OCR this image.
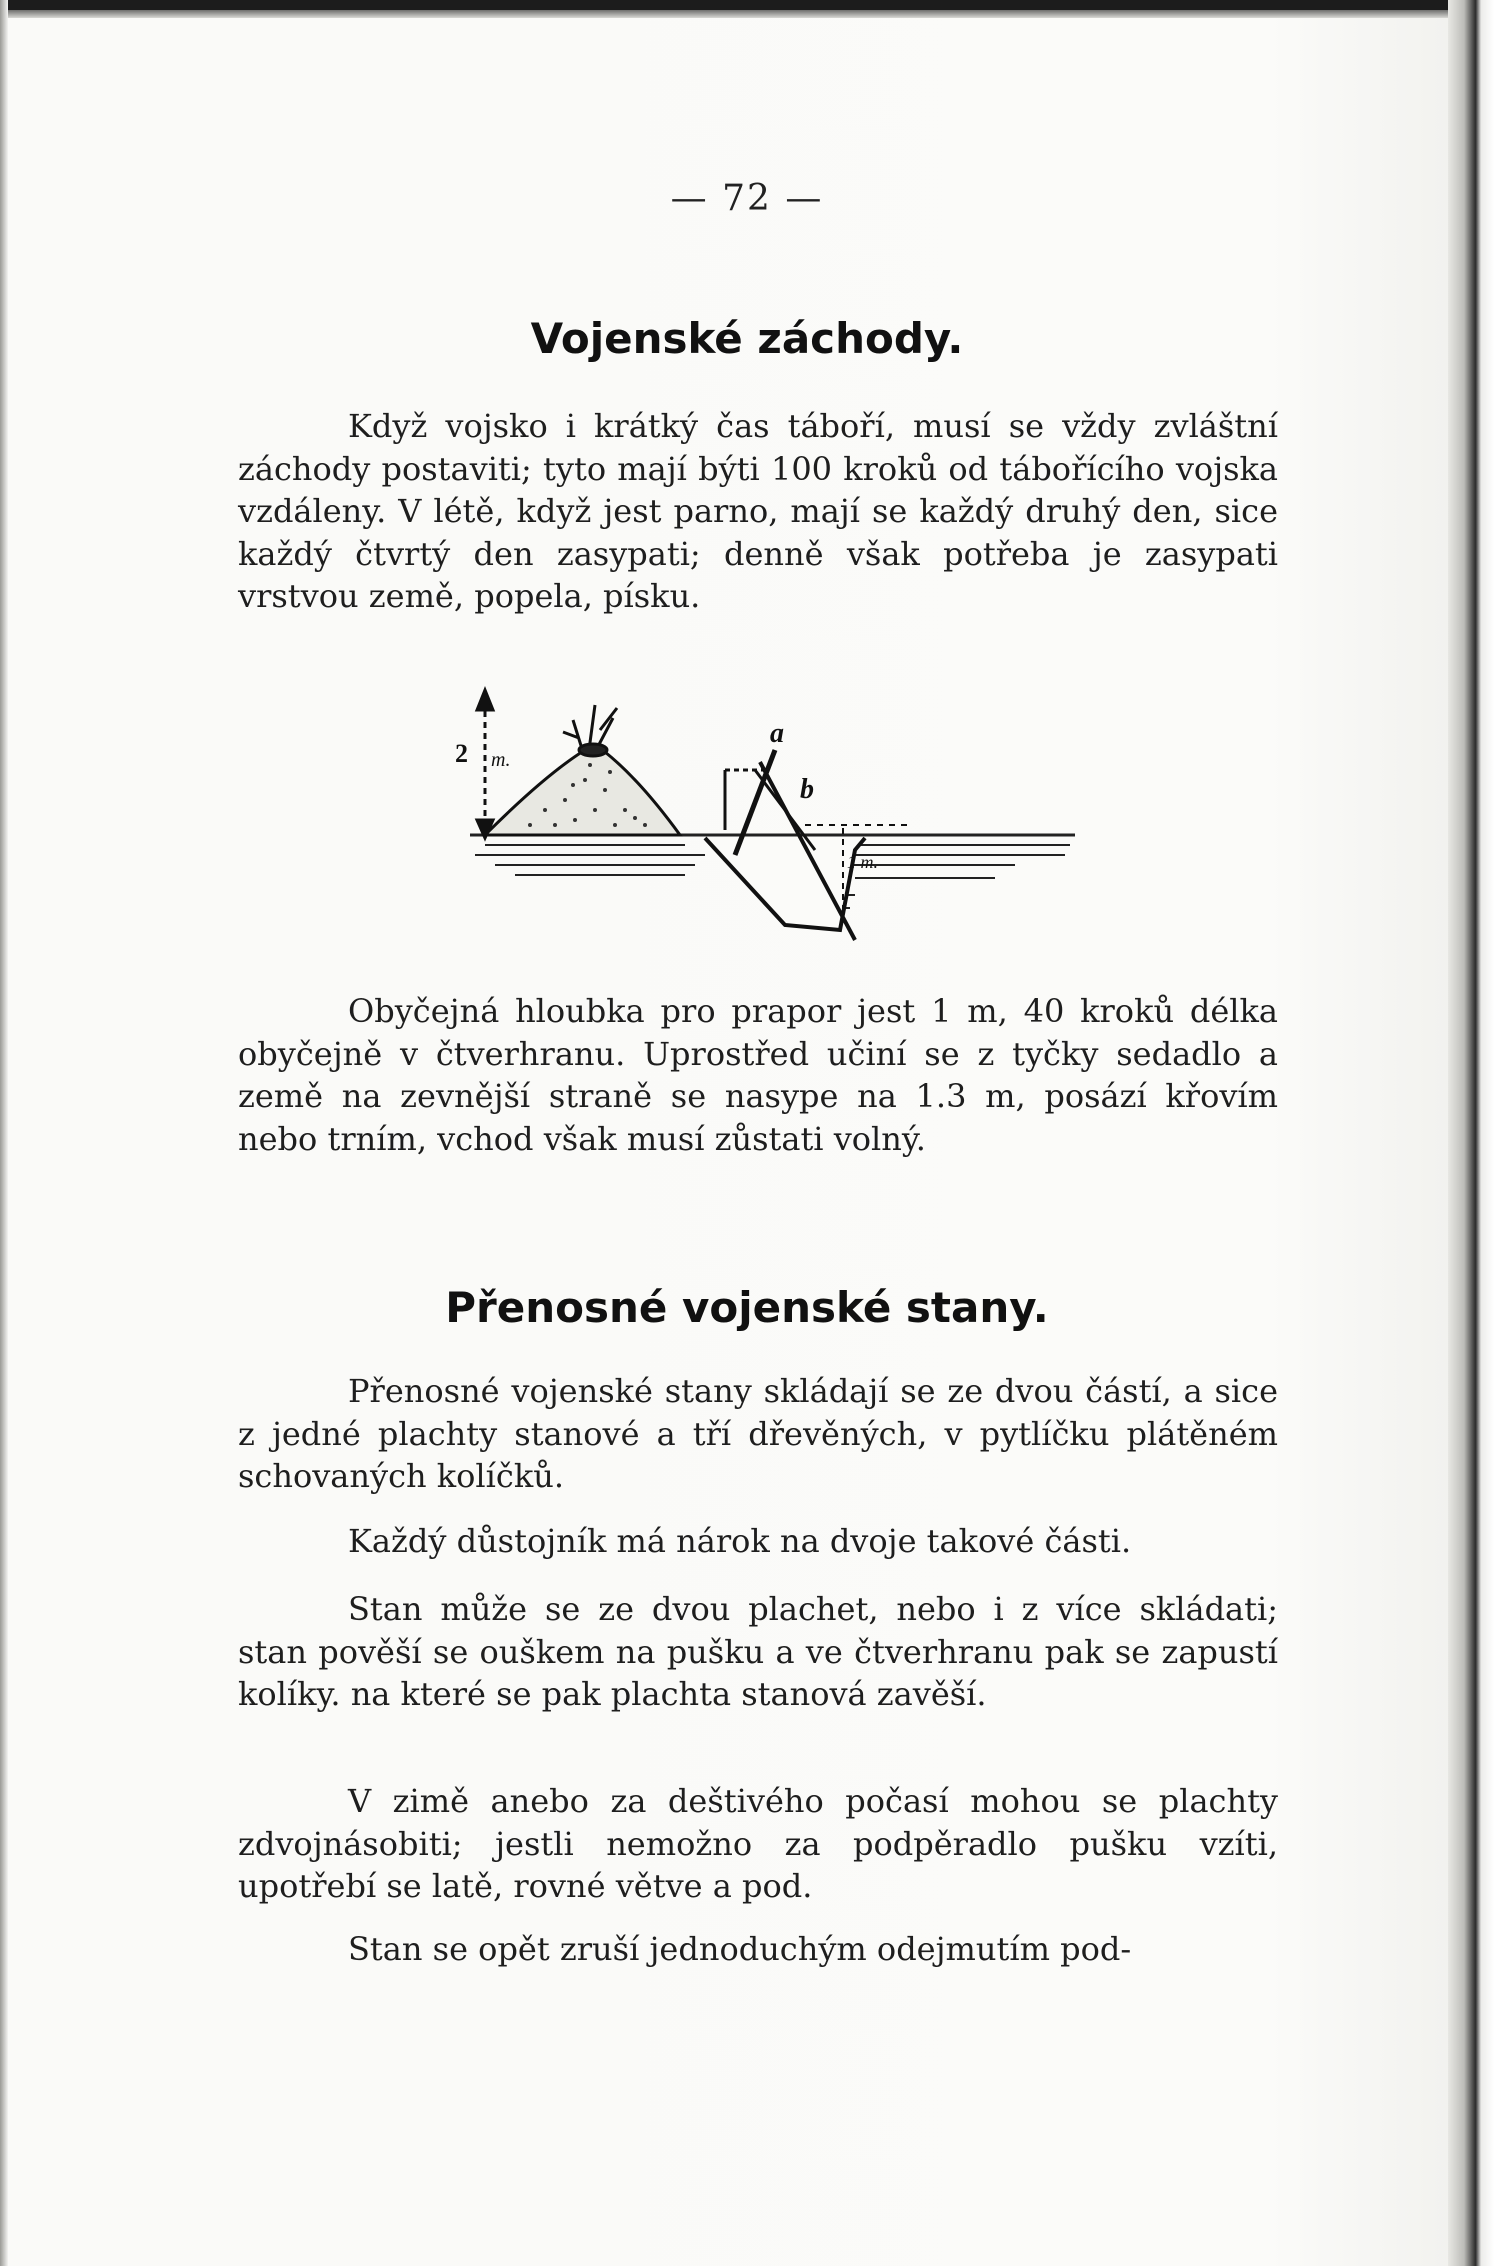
— 72 —
Vojenské záchody.

Když vojsko i krátký čas táboří, musí se vždy zvláštní záchody postaviti; tyto mají býti 100 kroků od tábořícího vojska vzdáleny. V létě, když jest parno, mají se každý druhý den, sice každý čtvrtý den zasypati; denně však potřeba je zasypati vrstvou země, popela, písku.

2 m.
a
b
1 m.

Obyčejná hloubka pro prapor jest 1 m, 40 kroků délka obyčejně v čtverhranu. Uprostřed učiní se z tyčky sedadlo a země na zevnější straně se nasype na 1.3 m, posází křovím nebo trním, vchod však musí zůstati volný.

Přenosné vojenské stany.

Přenosné vojenské stany skládají se ze dvou částí, a sice z jedné plachty stanové a tří dřevěných, v pytlíčku plátěném schovaných kolíčků.

Každý důstojník má nárok na dvoje takové části.

Stan může se ze dvou plachet, nebo i z více skládati; stan pověší se ouškem na pušku a ve čtverhranu pak se zapustí kolíky. na které se pak plachta stanová zavěší.

V zimě anebo za deštivého počasí mohou se plachty zdvojnásobiti; jestli nemožno za podpěradlo pušku vzíti, upotřebí se latě, rovné větve a pod.

Stan se opět zruší jednoduchým odejmutím pod-
